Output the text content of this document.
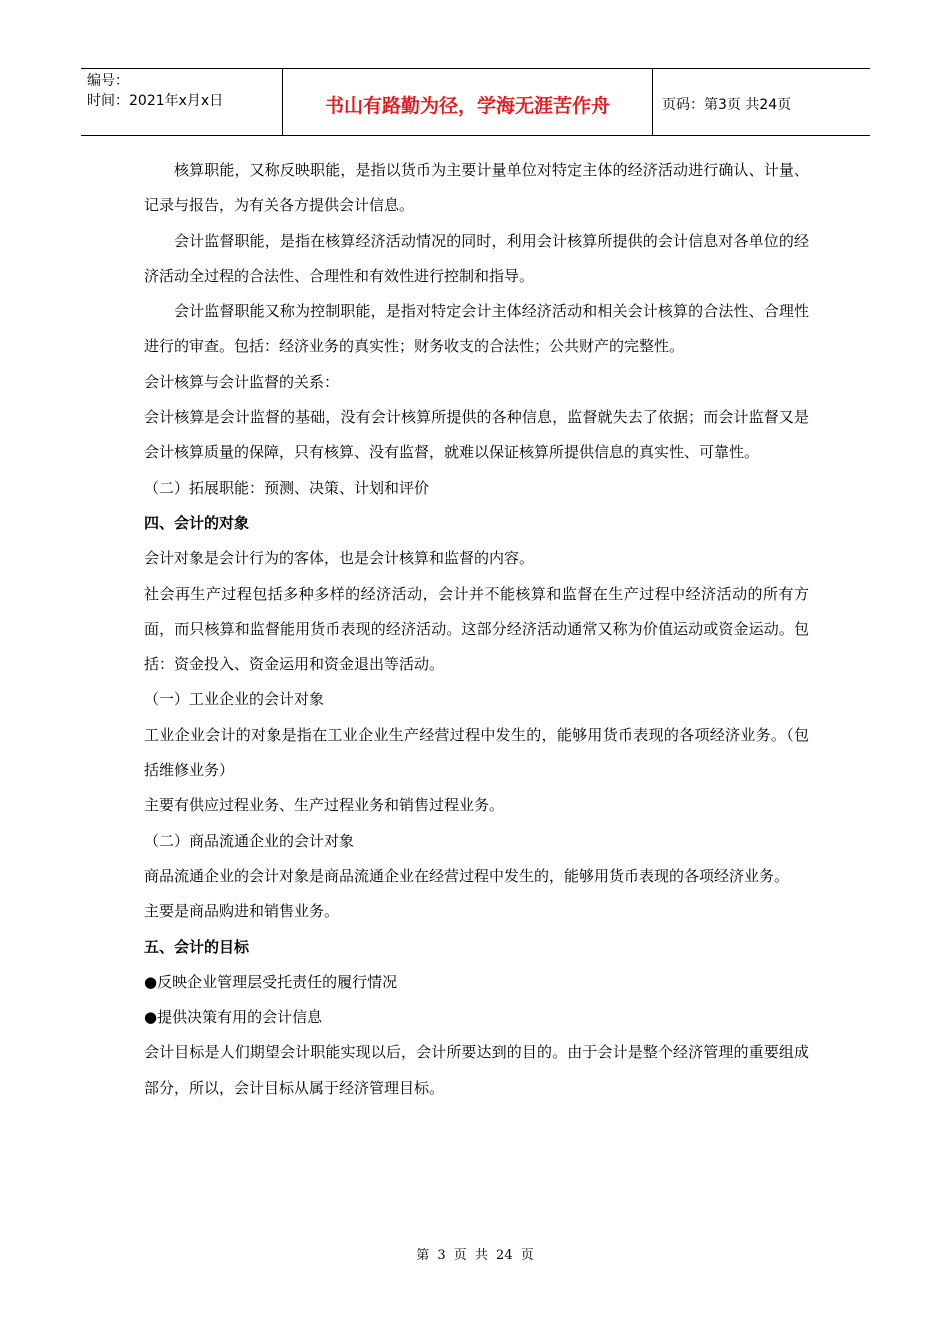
编号：
时间：2021年x月x日	书山有路勤为径，学海无涯苦作舟	页码：第3页 共24页

核算职能，又称反映职能，是指以货币为主要计量单位对特定主体的经济活动进行确认、计量、记录与报告，为有关各方提供会计信息。

会计监督职能，是指在核算经济活动情况的同时，利用会计核算所提供的会计信息对各单位的经济活动全过程的合法性、合理性和有效性进行控制和指导。

会计监督职能又称为控制职能，是指对特定会计主体经济活动和相关会计核算的合法性、合理性进行的审查。包括：经济业务的真实性；财务收支的合法性；公共财产的完整性。

会计核算与会计监督的关系：

会计核算是会计监督的基础，没有会计核算所提供的各种信息，监督就失去了依据；而会计监督又是会计核算质量的保障，只有核算、没有监督，就难以保证核算所提供信息的真实性、可靠性。

（二）拓展职能：预测、决策、计划和评价

四、会计的对象

会计对象是会计行为的客体，也是会计核算和监督的内容。

社会再生产过程包括多种多样的经济活动，会计并不能核算和监督在生产过程中经济活动的所有方面，而只核算和监督能用货币表现的经济活动。这部分经济活动通常又称为价值运动或资金运动。包括：资金投入、资金运用和资金退出等活动。

（一）工业企业的会计对象

工业企业会计的对象是指在工业企业生产经营过程中发生的，能够用货币表现的各项经济业务。（包括维修业务）

主要有供应过程业务、生产过程业务和销售过程业务。

（二）商品流通企业的会计对象

商品流通企业的会计对象是商品流通企业在经营过程中发生的，能够用货币表现的各项经济业务。

主要是商品购进和销售业务。

五、会计的目标

●反映企业管理层受托责任的履行情况

●提供决策有用的会计信息

会计目标是人们期望会计职能实现以后，会计所要达到的目的。由于会计是整个经济管理的重要组成部分，所以，会计目标从属于经济管理目标。

第 3 页 共 24 页
